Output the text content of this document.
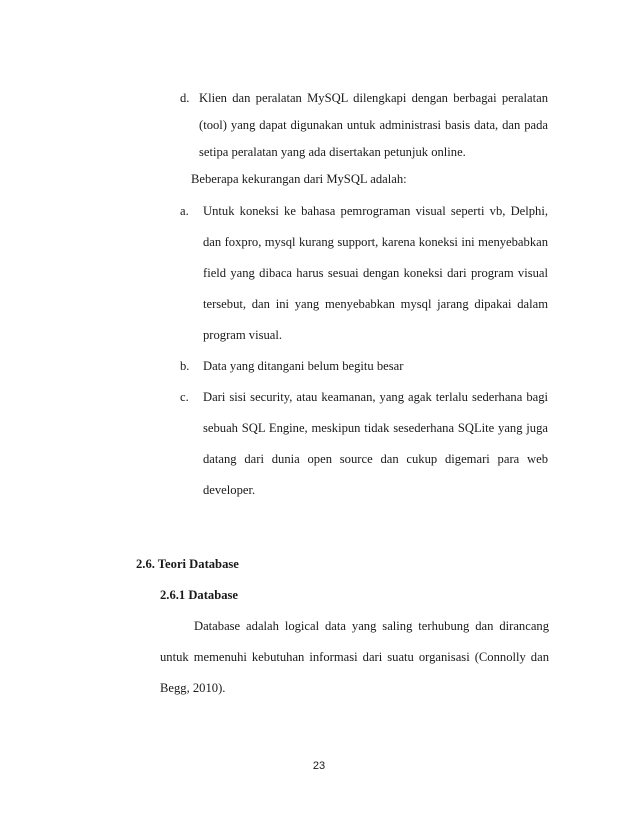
d. Klien dan peralatan MySQL dilengkapi dengan berbagai peralatan
(tool) yang dapat digunakan untuk administrasi basis data, dan pada
setipa peralatan yang ada disertakan petunjuk online.
Beberapa kekurangan dari MySQL adalah:
a. Untuk koneksi ke bahasa pemrograman visual seperti vb, Delphi,
dan foxpro, mysql kurang support, karena koneksi ini menyebabkan
field yang dibaca harus sesuai dengan koneksi dari program visual
tersebut, dan ini yang menyebabkan mysql jarang dipakai dalam
program visual.
b. Data yang ditangani belum begitu besar
c. Dari sisi security, atau keamanan, yang agak terlalu sederhana bagi
sebuah SQL Engine, meskipun tidak sesederhana SQLite yang juga
datang dari dunia open source dan cukup digemari para web
developer.
2.6. Teori Database
2.6.1 Database
Database adalah logical data yang saling terhubung dan dirancang
untuk memenuhi kebutuhan informasi dari suatu organisasi (Connolly dan
Begg, 2010).
23
